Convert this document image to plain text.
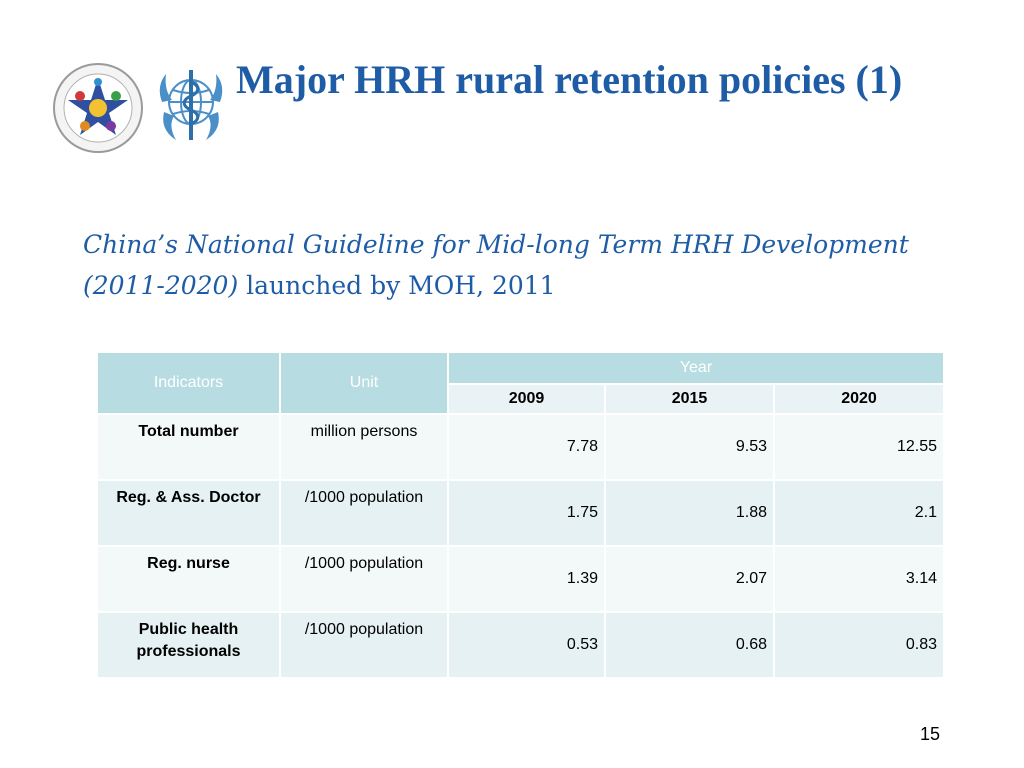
Major HRH rural retention policies (1)
China’s National Guideline for Mid-long Term HRH Development (2011-2020) launched by MOH, 2011
Indicators	Unit	Year		
		2009	2015	2020
Total number	million persons	7.78	9.53	12.55
Reg. & Ass. Doctor	/1000 population	1.75	1.88	2.1
Reg. nurse	/1000 population	1.39	2.07	3.14
Public health professionals	/1000 population	0.53	0.68	0.83
15
